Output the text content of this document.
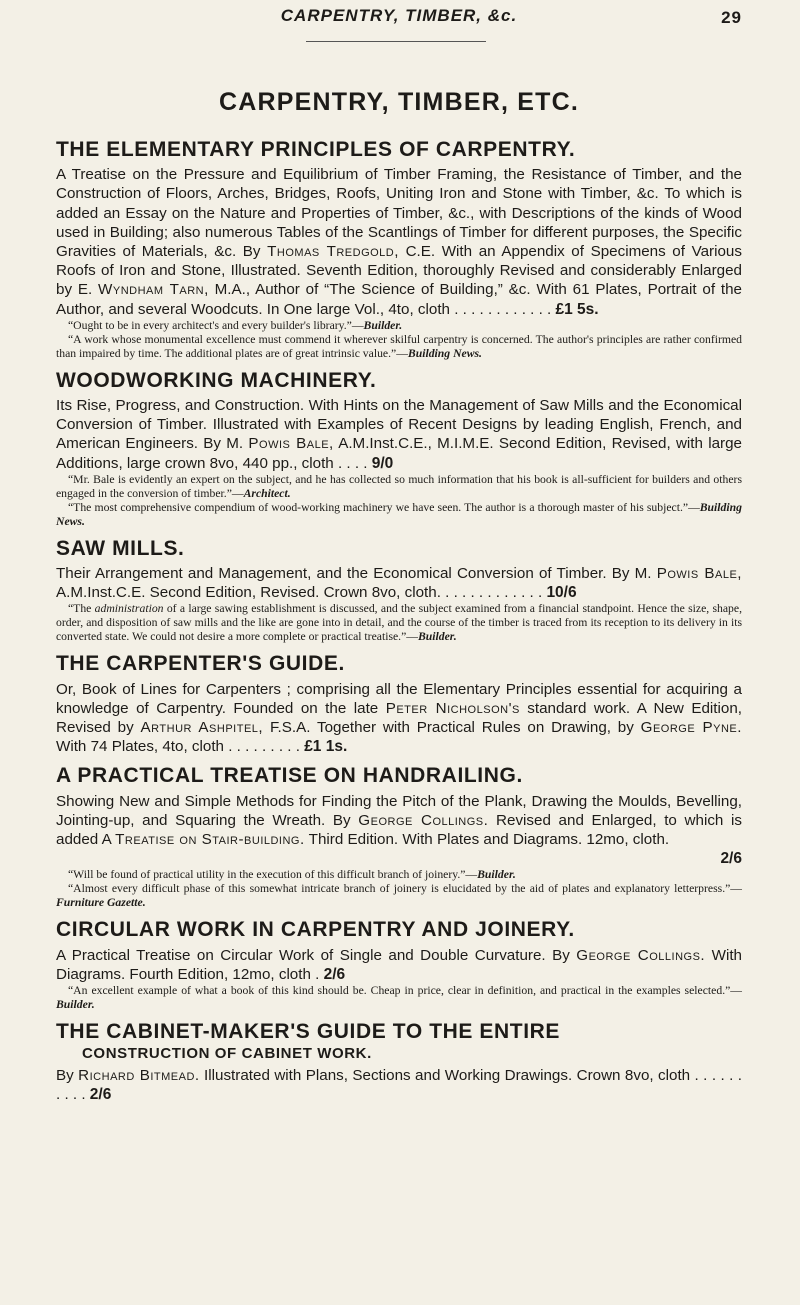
CARPENTRY, TIMBER, &c.	29
CARPENTRY, TIMBER, ETC.
THE ELEMENTARY PRINCIPLES OF CARPENTRY.

A Treatise on the Pressure and Equilibrium of Timber Framing, the Resistance of Timber, and the Construction of Floors, Arches, Bridges, Roofs, Uniting Iron and Stone with Timber, &c. To which is added an Essay on the Nature and Properties of Timber, &c., with Descriptions of the kinds of Wood used in Building; also numerous Tables of the Scantlings of Timber for different purposes, the Specific Gravities of Materials, &c. By Thomas Tredgold, C.E. With an Appendix of Specimens of Various Roofs of Iron and Stone, Illustrated. Seventh Edition, thoroughly Revised and considerably Enlarged by E. Wyndham Tarn, M.A., Author of “The Science of Building,” &c. With 61 Plates, Portrait of the Author, and several Woodcuts. In One large Vol., 4to, cloth . . . . . . . . . . . . £1 5s.

“Ought to be in every architect's and every builder's library.”—Builder.

“A work whose monumental excellence must commend it wherever skilful carpentry is concerned. The author's principles are rather confirmed than impaired by time. The additional plates are of great intrinsic value.”—Building News.

WOODWORKING MACHINERY.

Its Rise, Progress, and Construction. With Hints on the Management of Saw Mills and the Economical Conversion of Timber. Illustrated with Examples of Recent Designs by leading English, French, and American Engineers. By M. Powis Bale, A.M.Inst.C.E., M.I.M.E. Second Edition, Revised, with large Additions, large crown 8vo, 440 pp., cloth . . . . 9/0

“Mr. Bale is evidently an expert on the subject, and he has collected so much information that his book is all-sufficient for builders and others engaged in the conversion of timber.”—Architect.

“The most comprehensive compendium of wood-working machinery we have seen. The author is a thorough master of his subject.”—Building News.

SAW MILLS.

Their Arrangement and Management, and the Economical Conversion of Timber. By M. Powis Bale, A.M.Inst.C.E. Second Edition, Revised. Crown 8vo, cloth. . . . . . . . . . . . . 10/6

“The administration of a large sawing establishment is discussed, and the subject examined from a financial standpoint. Hence the size, shape, order, and disposition of saw mills and the like are gone into in detail, and the course of the timber is traced from its reception to its delivery in its converted state. We could not desire a more complete or practical treatise.”—Builder.

THE CARPENTER'S GUIDE.

Or, Book of Lines for Carpenters ; comprising all the Elementary Principles essential for acquiring a knowledge of Carpentry. Founded on the late Peter Nicholson's standard work. A New Edition, Revised by Arthur Ashpitel, F.S.A. Together with Practical Rules on Drawing, by George Pyne. With 74 Plates, 4to, cloth . . . . . . . . . £1 1s.

A PRACTICAL TREATISE ON HANDRAILING.

Showing New and Simple Methods for Finding the Pitch of the Plank, Drawing the Moulds, Bevelling, Jointing-up, and Squaring the Wreath. By George Collings. Revised and Enlarged, to which is added A Treatise on Stair-building. Third Edition. With Plates and Diagrams. 12mo, cloth.
2/6

“Will be found of practical utility in the execution of this difficult branch of joinery.”—Builder.

“Almost every difficult phase of this somewhat intricate branch of joinery is elucidated by the aid of plates and explanatory letterpress.”—Furniture Gazette.

CIRCULAR WORK IN CARPENTRY AND JOINERY.

A Practical Treatise on Circular Work of Single and Double Curvature. By George Collings. With Diagrams. Fourth Edition, 12mo, cloth . 2/6

“An excellent example of what a book of this kind should be. Cheap in price, clear in definition, and practical in the examples selected.”—Builder.

THE CABINET-MAKER'S GUIDE TO THE ENTIRE
CONSTRUCTION OF CABINET WORK.

By Richard Bitmead. Illustrated with Plans, Sections and Working Drawings. Crown 8vo, cloth . . . . . . . . . . 2/6
